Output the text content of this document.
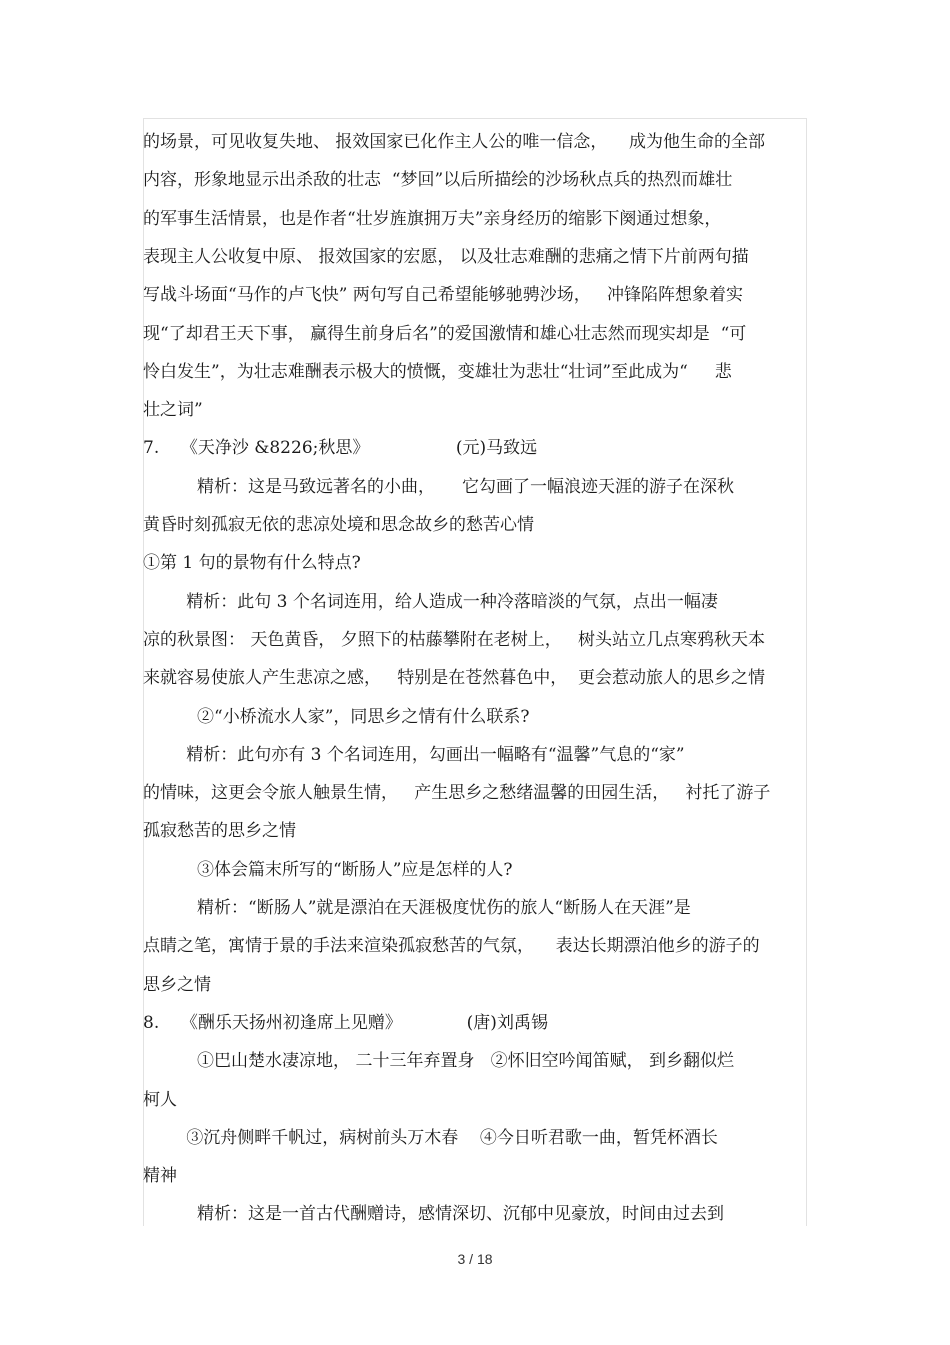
的场景，可见收复失地、 报效国家已化作主人公的唯一信念，    成为他生命的全部
内容，形象地显示出杀敌的壮志  “梦回”以后所描绘的沙场秋点兵的热烈而雄壮
的军事生活情景，也是作者“壮岁旌旗拥万夫”亲身经历的缩影下阕通过想象，
表现主人公收复中原、 报效国家的宏愿， 以及壮志难酬的悲痛之情下片前两句描
写战斗场面“马作的卢飞快” 两句写自己希望能够驰骋沙场，   冲锋陷阵想象着实
现“了却君王天下事， 赢得生前身后名”的爱国激情和雄心壮志然而现实却是  “可
怜白发生”，为壮志难酬表示极大的愤慨，变雄壮为悲壮“壮词”至此成为“     悲
壮之词”
7.    《天净沙 &8226;秋思》                (元)马致远
精析：这是马致远著名的小曲，     它勾画了一幅浪迹天涯的游子在深秋
黄昏时刻孤寂无依的悲凉处境和思念故乡的愁苦心情
①第 1 句的景物有什么特点?
精析：此句 3 个名词连用，给人造成一种冷落暗淡的气氛，点出一幅凄
凉的秋景图： 天色黄昏， 夕照下的枯藤攀附在老树上，   树头站立几点寒鸦秋天本
来就容易使旅人产生悲凉之感，   特别是在苍然暮色中，  更会惹动旅人的思乡之情
②“小桥流水人家”，同思乡之情有什么联系?
精析：此句亦有 3 个名词连用，勾画出一幅略有“温馨”气息的“家”
的情味，这更会令旅人触景生情，   产生思乡之愁绪温馨的田园生活，   衬托了游子
孤寂愁苦的思乡之情
③体会篇末所写的“断肠人”应是怎样的人?
精析：“断肠人”就是漂泊在天涯极度忧伤的旅人“断肠人在天涯”是
点睛之笔，寓情于景的手法来渲染孤寂愁苦的气氛，    表达长期漂泊他乡的游子的
思乡之情
8.    《酬乐天扬州初逢席上见赠》            (唐)刘禹锡
①巴山楚水凄凉地， 二十三年弃置身   ②怀旧空吟闻笛赋， 到乡翻似烂
柯人
③沉舟侧畔千帆过，病树前头万木春    ④今日听君歌一曲，暂凭杯酒长
精神
精析：这是一首古代酬赠诗，感情深切、沉郁中见豪放，时间由过去到
3 / 18
